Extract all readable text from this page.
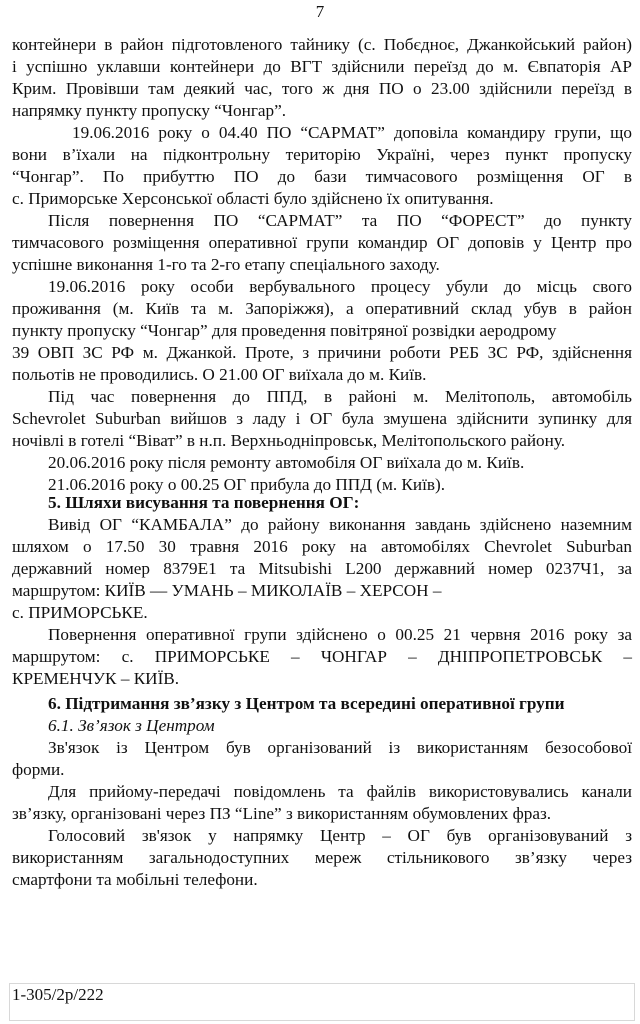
7
контейнери в район підготовленого тайнику (с. Побєдноє, Джанкойський район)
і успішно уклавши контейнери до ВГТ здійснили переїзд до м. Євпаторія АР
Крим. Провівши там деякий час, того ж дня ПО о 23.00 здійснили переїзд в
напрямку пункту пропуску “Чонгар”.
19.06.2016 року о 04.40 ПО “САРМАТ” доповіла командиру групи, що
вони в’їхали на підконтрольну територію Україні, через пункт пропуску
“Чонгар”. По прибуттю ПО до бази тимчасового розміщення ОГ в
с. Приморське Херсонської області було здійснено їх опитування.
Після повернення ПО “САРМАТ” та ПО “ФОРЕСТ” до пункту
тимчасового розміщення оперативної групи командир ОГ доповів у Центр про
успішне виконання 1-го та 2-го етапу спеціального заходу.
19.06.2016 року особи вербувального процесу убули до місць свого
проживання (м. Київ та м. Запоріжжя), а оперативний склад убув в район
пункту пропуску “Чонгар” для проведення повітряної розвідки аеродрому
39 ОВП ЗС РФ м. Джанкой. Проте, з причини роботи РЕБ ЗС РФ, здійснення
польотів не проводились. О 21.00 ОГ виїхала до м. Київ.
Під час повернення до ППД, в районі м. Мелітополь, автомобіль
Schevrolet Suburban вийшов з ладу і ОГ була змушена здійснити зупинку для
ночівлі в готелі “Віват” в н.п. Верхньодніпровськ, Мелітопольского району.
20.06.2016 року після ремонту автомобіля ОГ виїхала до м. Київ.
21.06.2016 року о 00.25 ОГ прибула до ППД (м. Київ).
5. Шляхи висування та повернення ОГ:
Вивід ОГ “КАМБАЛА” до району виконання завдань здійснено наземним
шляхом о 17.50 30 травня 2016 року на автомобілях Chevrolet Suburban
державний номер 8379Е1 та Mitsubishi L200 державний номер 0237Ч1, за
маршрутом: КИЇВ — УМАНЬ – МИКОЛАЇВ – ХЕРСОН –
с. ПРИМОРСЬКЕ.
Повернення оперативної групи здійснено о 00.25 21 червня 2016 року за
маршрутом: с. ПРИМОРСЬКЕ – ЧОНГАР – ДНІПРОПЕТРОВСЬК –
КРЕМЕНЧУК – КИЇВ.
6. Підтримання зв’язку з Центром та всередині оперативної групи
6.1. Зв’язок з Центром
Зв'язок із Центром був організований із використанням безособової
форми.
Для прийому-передачі повідомлень та файлів використовувались канали
зв’язку, організовані через ПЗ “Line” з використанням обумовлених фраз.
Голосовий зв'язок у напрямку Центр – ОГ був організовуваний з
використанням загальнодоступних мереж стільникового зв’язку через
смартфони та мобільні телефони.
1-305/2р/222
